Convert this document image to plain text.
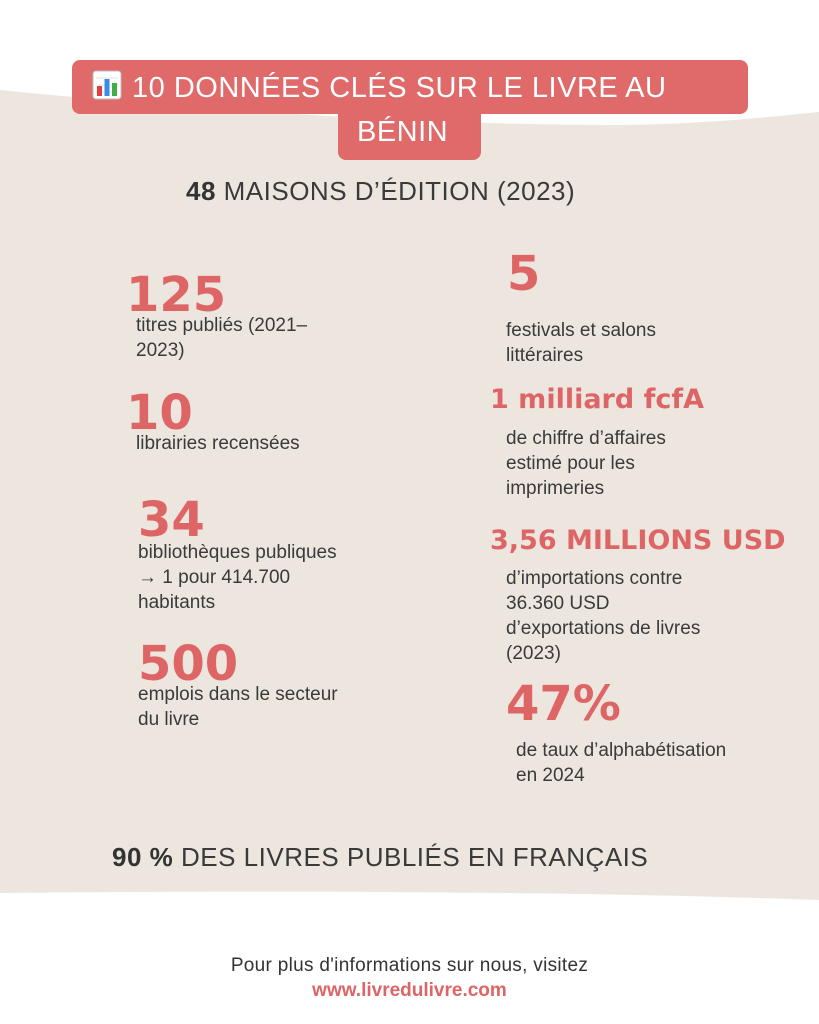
10 DONNÉES CLÉS SUR LE LIVRE AU
BÉNIN
48 MAISONS D’ÉDITION (2023)
125
titres publiés (2021–
2023)
10
librairies recensées
34
bibliothèques publiques
→ 1 pour 414.700
habitants
500
emplois dans le secteur
du livre
5
festivals et salons
littéraires
1 milliard fcfA
de chiffre d’affaires
estimé pour les
imprimeries
3,56 MILLIONS USD
d’importations contre
36.360 USD
d’exportations de livres
(2023)
47%
de taux d’alphabétisation
en 2024
90 % DES LIVRES PUBLIÉS EN FRANÇAIS
Pour plus d'informations sur nous, visitez
www.livredulivre.com
